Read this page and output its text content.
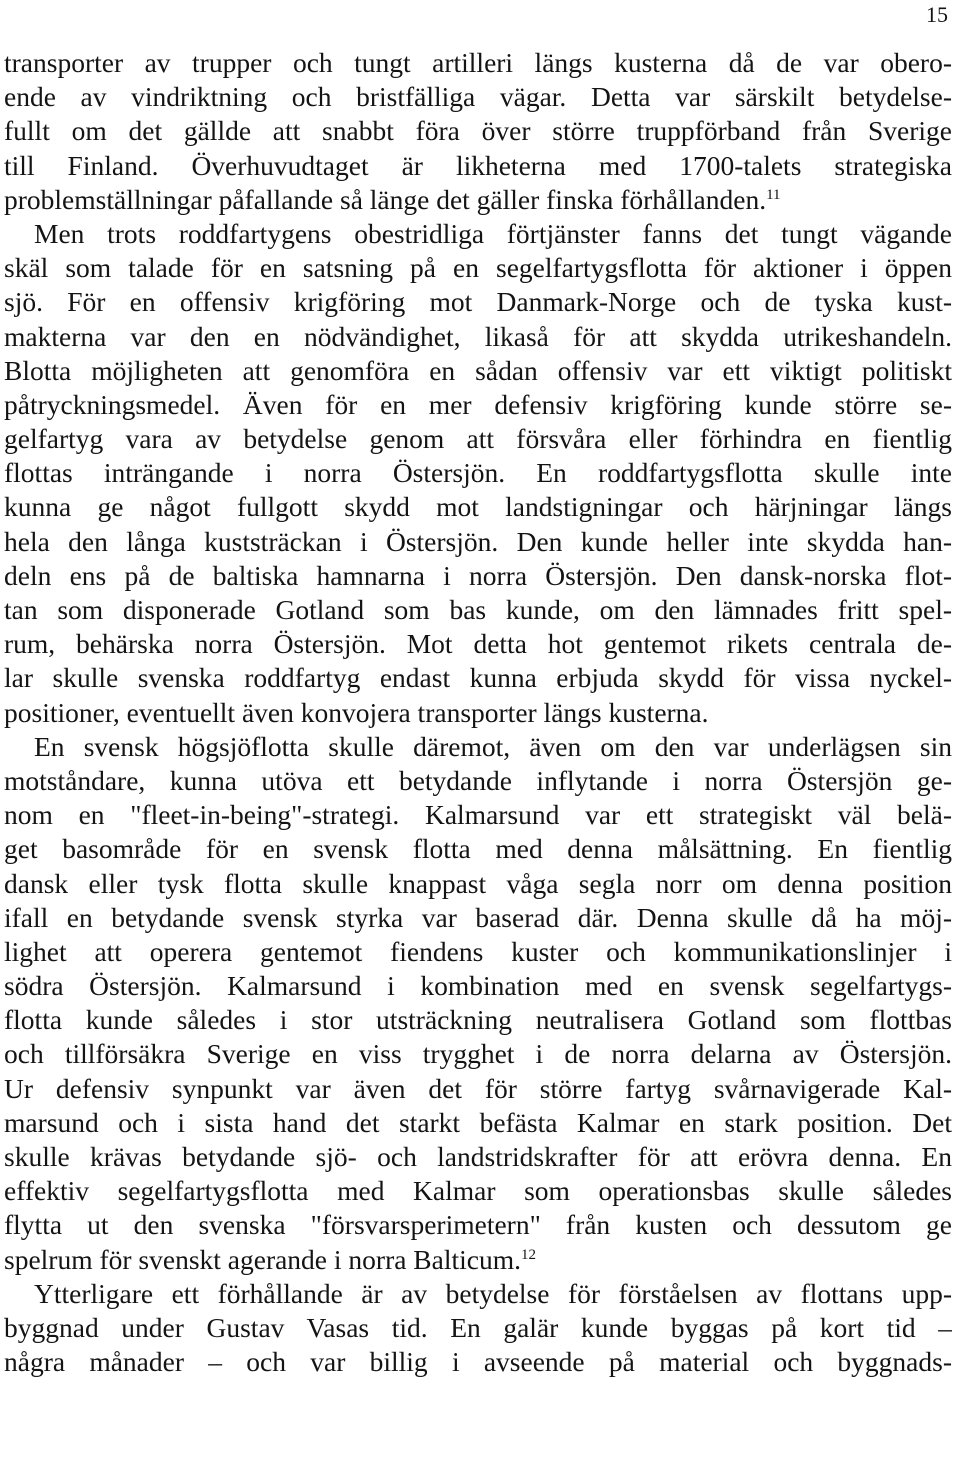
15
transporter av trupper och tungt artilleri längs kusterna då de var obero-
ende av vindriktning och bristfälliga vägar. Detta var särskilt betydelse-
fullt om det gällde att snabbt föra över större truppförband från Sverige
till Finland. Överhuvudtaget är likheterna med 1700-talets strategiska
problemställningar påfallande så länge det gäller finska förhållanden.$^{11}$
Men trots roddfartygens obestridliga förtjänster fanns det tungt vägande
skäl som talade för en satsning på en segelfartygsflotta för aktioner i öppen
sjö. För en offensiv krigföring mot Danmark-Norge och de tyska kust-
makterna var den en nödvändighet, likaså för att skydda utrikeshandeln.
Blotta möjligheten att genomföra en sådan offensiv var ett viktigt politiskt
påtryckningsmedel. Även för en mer defensiv krigföring kunde större se-
gelfartyg vara av betydelse genom att försvåra eller förhindra en fientlig
flottas inträngande i norra Östersjön. En roddfartygsflotta skulle inte
kunna ge något fullgott skydd mot landstigningar och härjningar längs
hela den långa kuststräckan i Östersjön. Den kunde heller inte skydda han-
deln ens på de baltiska hamnarna i norra Östersjön. Den dansk-norska flot-
tan som disponerade Gotland som bas kunde, om den lämnades fritt spel-
rum, behärska norra Östersjön. Mot detta hot gentemot rikets centrala de-
lar skulle svenska roddfartyg endast kunna erbjuda skydd för vissa nyckel-
positioner, eventuellt även konvojera transporter längs kusterna.
En svensk högsjöflotta skulle däremot, även om den var underlägsen sin
motståndare, kunna utöva ett betydande inflytande i norra Östersjön ge-
nom en "fleet-in-being"-strategi. Kalmarsund var ett strategiskt väl belä-
get basområde för en svensk flotta med denna målsättning. En fientlig
dansk eller tysk flotta skulle knappast våga segla norr om denna position
ifall en betydande svensk styrka var baserad där. Denna skulle då ha möj-
lighet att operera gentemot fiendens kuster och kommunikationslinjer i
södra Östersjön. Kalmarsund i kombination med en svensk segelfartygs-
flotta kunde således i stor utsträckning neutralisera Gotland som flottbas
och tillförsäkra Sverige en viss trygghet i de norra delarna av Östersjön.
Ur defensiv synpunkt var även det för större fartyg svårnavigerade Kal-
marsund och i sista hand det starkt befästa Kalmar en stark position. Det
skulle krävas betydande sjö- och landstridskrafter för att erövra denna. En
effektiv segelfartygsflotta med Kalmar som operationsbas skulle således
flytta ut den svenska "försvarsperimetern" från kusten och dessutom ge
spelrum för svenskt agerande i norra Balticum.$^{12}$
Ytterligare ett förhållande är av betydelse för förståelsen av flottans upp-
byggnad under Gustav Vasas tid. En galär kunde byggas på kort tid –
några månader – och var billig i avseende på material och byggnads-
